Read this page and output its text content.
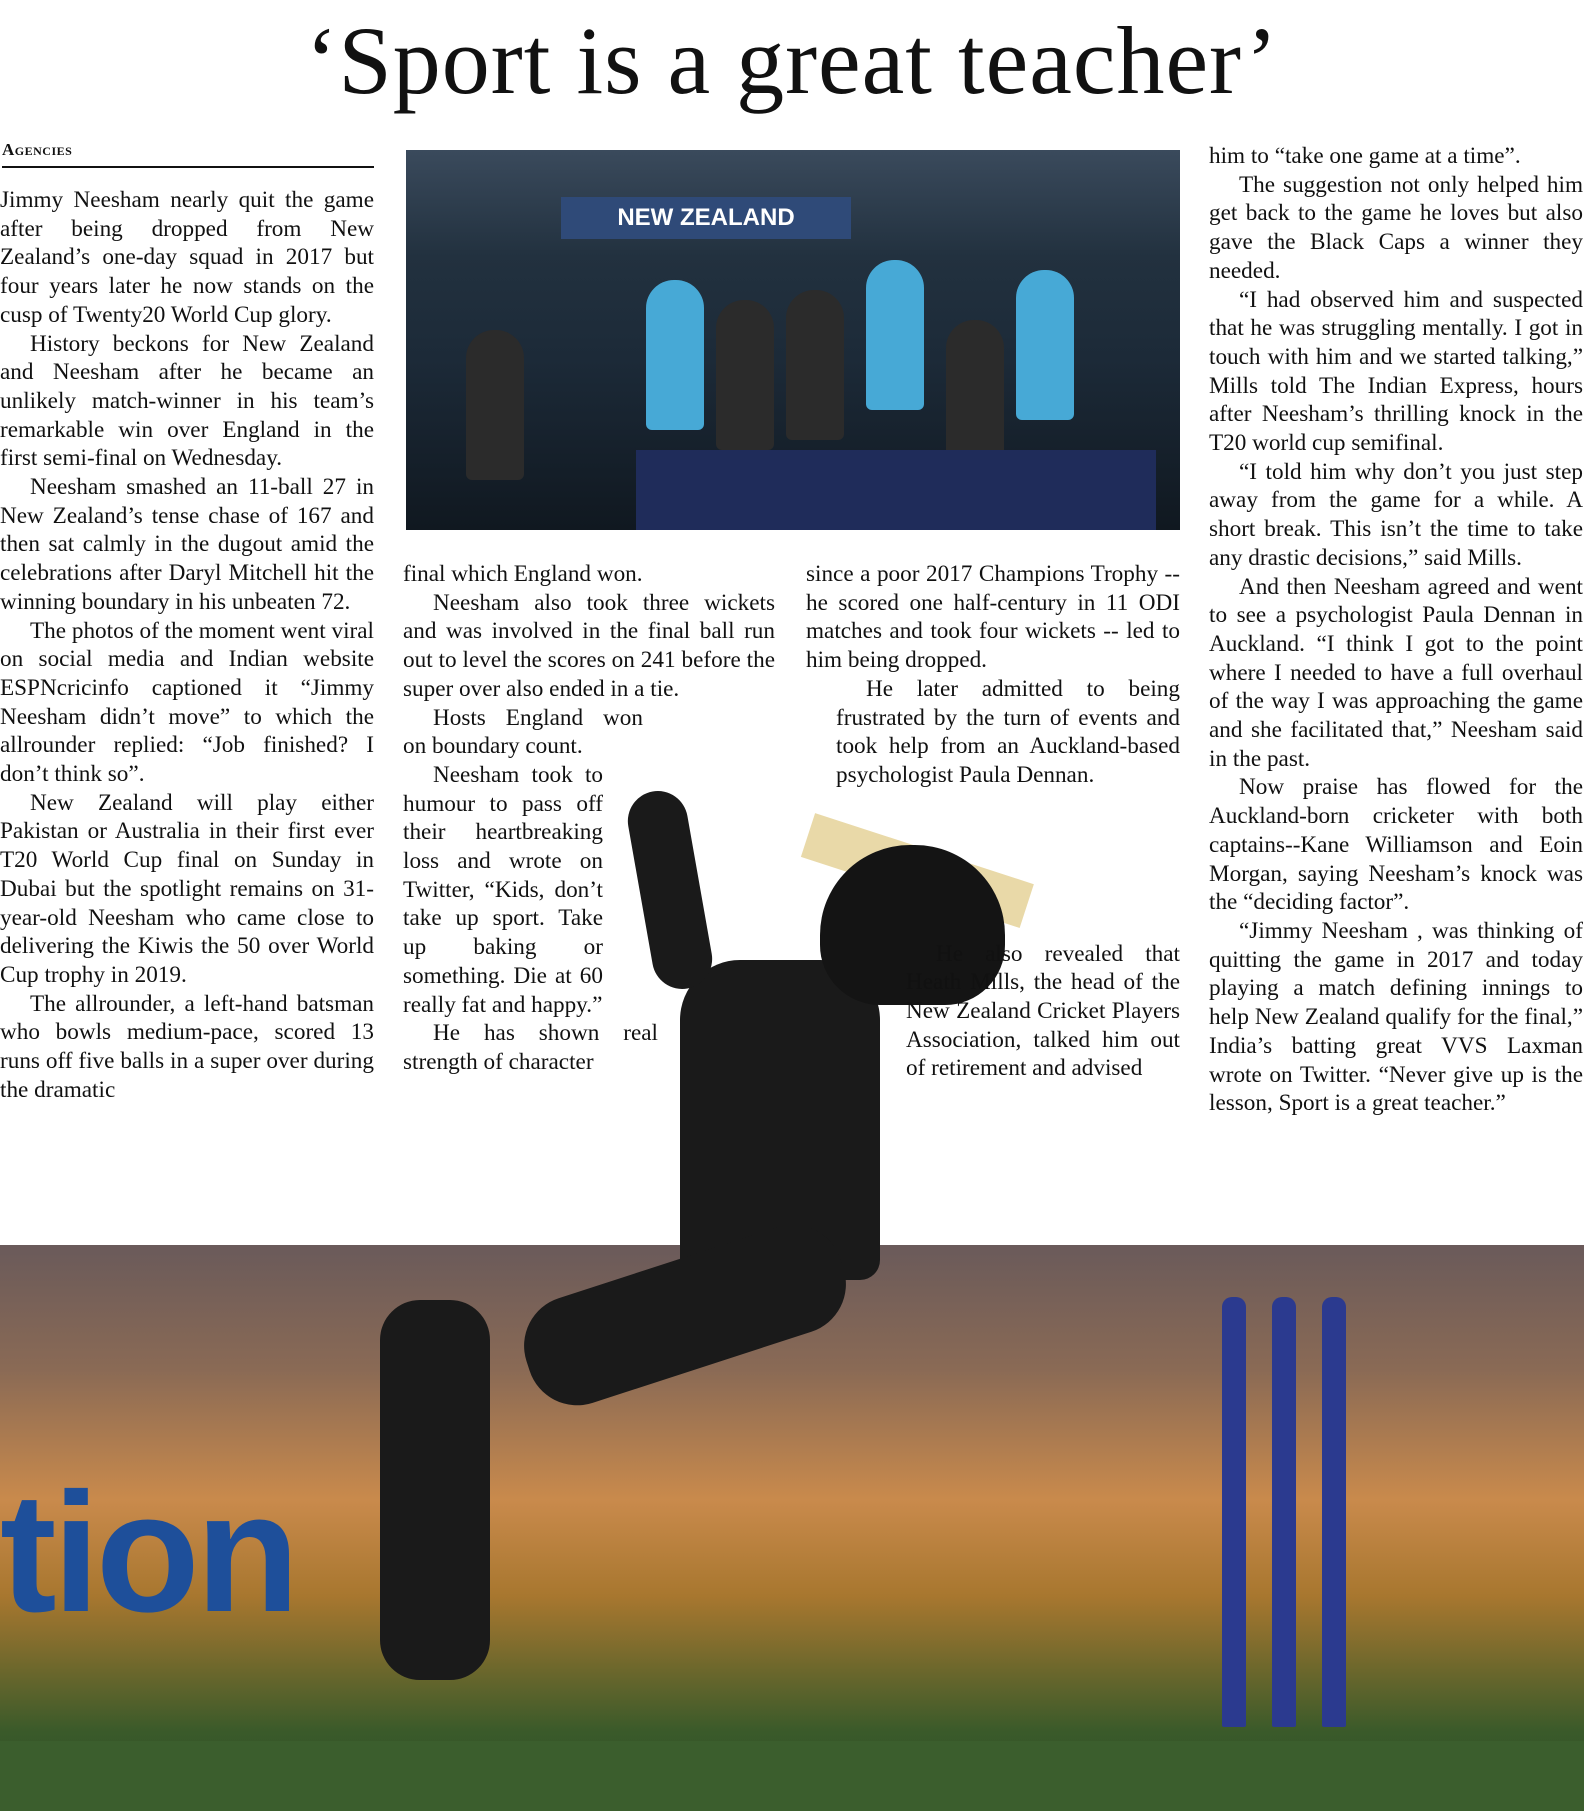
‘Sport is a great teacher’
tion
NEW ZEALAND
Agencies

Jimmy Neesham nearly quit the game after being dropped from New Zealand’s one-day squad in 2017 but four years later he now stands on the cusp of Twenty20 World Cup glory.

History beckons for New Zealand and Neesham after he became an unlikely match-winner in his team’s remarkable win over England in the first semi-final on Wednesday.

Neesham smashed an 11-ball 27 in New Zealand’s tense chase of 167 and then sat calmly in the dugout amid the celebrations after Daryl Mitchell hit the winning boundary in his unbeaten 72.

The photos of the moment went viral on social media and Indian website ESPNcricinfo captioned it “Jimmy Neesham didn’t move” to which the allrounder replied: “Job finished? I don’t think so”.

New Zealand will play either Pakistan or Australia in their first ever T20 World Cup final on Sunday in Dubai but the spotlight remains on 31-year-old Neesham who came close to delivering the Kiwis the 50 over World Cup trophy in 2019.

The allrounder, a left-hand batsman who bowls medium-pace, scored 13 runs off five balls in a super over during the dramatic

final which England won.

Neesham also took three wickets and was involved in the final ball run out to level the scores on 241 before the super over also ended in a tie.

Hosts England won on boundary count.

Neesham took to humour to pass off their heartbreaking loss and wrote on Twitter, “Kids, don’t take up sport. Take up baking or something. Die at 60 really fat and happy.”

He has shown real strength of character

since a poor 2017 Champions Trophy -- he scored one half-century in 11 ODI matches and took four wickets -- led to him being dropped.

He later admitted to being frustrated by the turn of events and took help from an Auckland-based psychologist Paula Dennan.

He also revealed that Heath Mills, the head of the New Zealand Cricket Players Association, talked him out of retirement and advised

him to “take one game at a time”.

The suggestion not only helped him get back to the game he loves but also gave the Black Caps a winner they needed.

“I had observed him and suspected that he was struggling mentally. I got in touch with him and we started talking,” Mills told The Indian Express, hours after Neesham’s thrilling knock in the T20 world cup semifinal.

“I told him why don’t you just step away from the game for a while. A short break. This isn’t the time to take any drastic decisions,” said Mills.

And then Neesham agreed and went to see a psychologist Paula Dennan in Auckland. “I think I got to the point where I needed to have a full overhaul of the way I was approaching the game and she facilitated that,” Neesham said in the past.

Now praise has flowed for the Auckland-born cricketer with both captains--Kane Williamson and Eoin Morgan, saying Neesham’s knock was the “deciding factor”.

“Jimmy Neesham , was thinking of quitting the game in 2017 and today playing a match defining innings to help New Zealand qualify for the final,” India’s batting great VVS Laxman wrote on Twitter. “Never give up is the lesson, Sport is a great teacher.”
